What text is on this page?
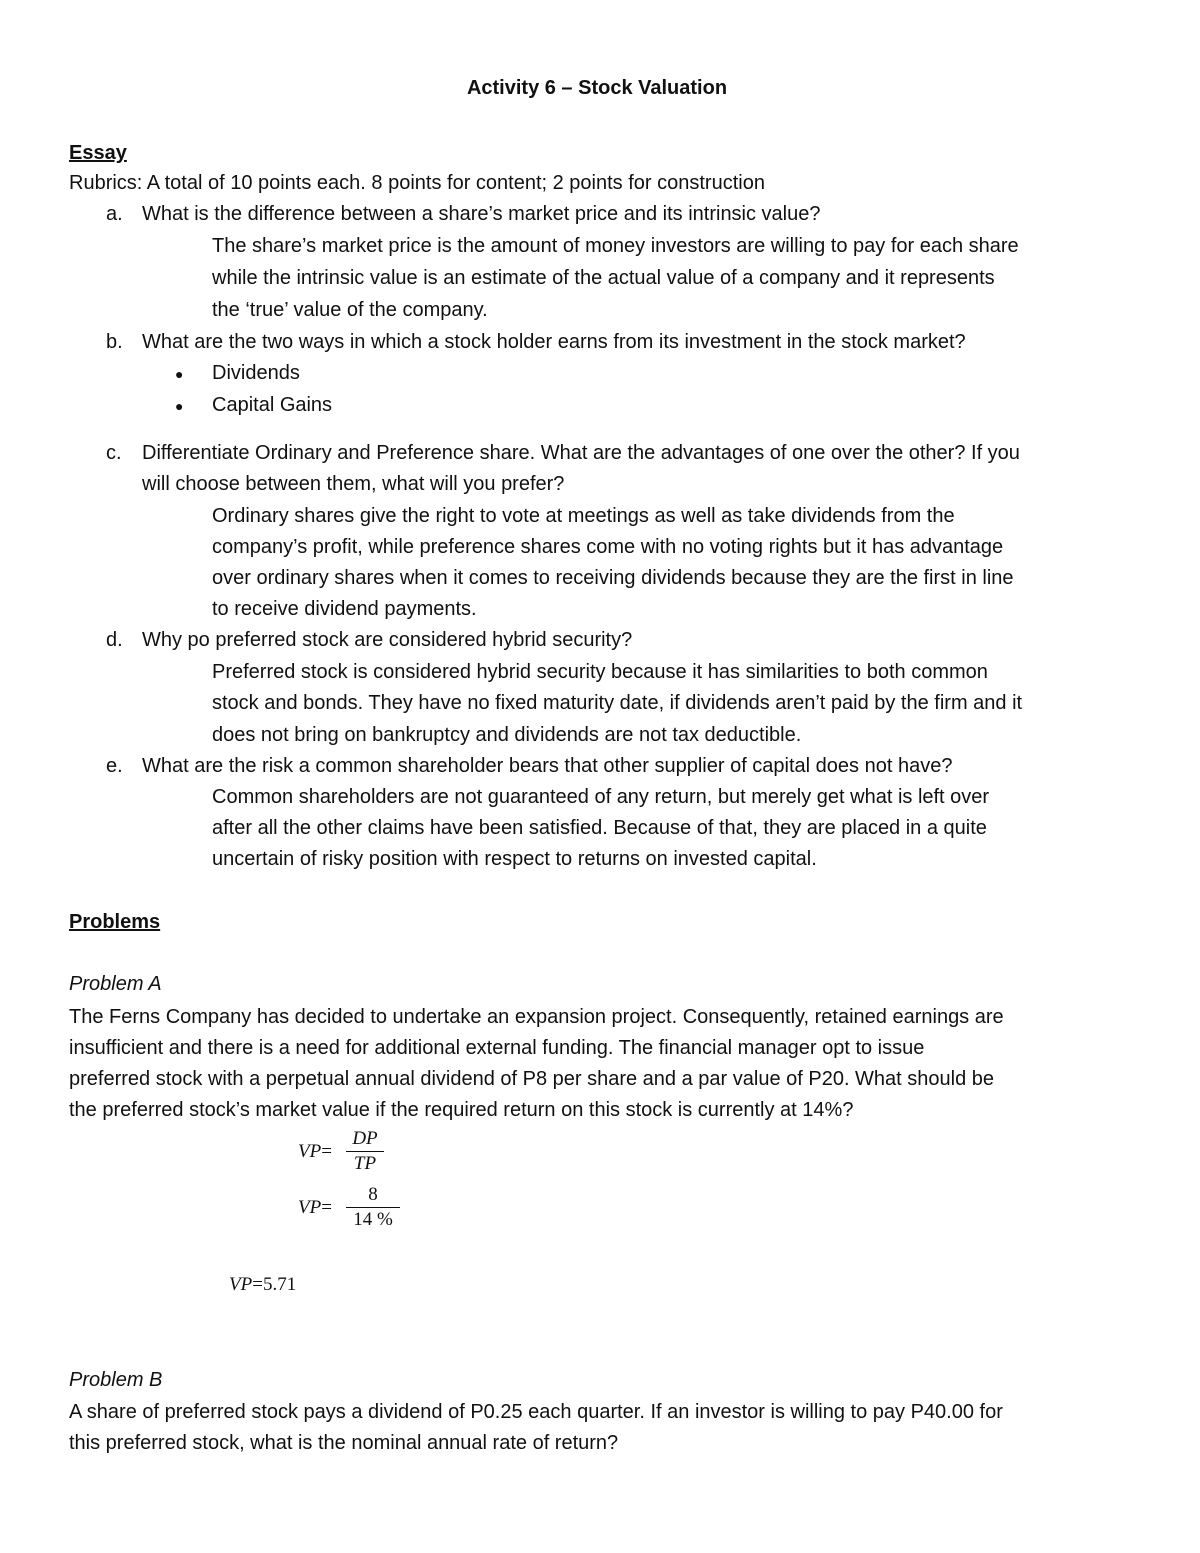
Activity 6 – Stock Valuation
Essay
Rubrics: A total of 10 points each. 8 points for content; 2 points for construction
a. What is the difference between a share’s market price and its intrinsic value?
The share’s market price is the amount of money investors are willing to pay for each share
while the intrinsic value is an estimate of the actual value of a company and it represents
the ‘true’ value of the company.
b. What are the two ways in which a stock holder earns from its investment in the stock market?
● Dividends
● Capital Gains
c.	Differentiate Ordinary and Preference share. What are the advantages of one over the other? If you
will choose between them, what will you prefer?
Ordinary shares give the right to vote at meetings as well as take dividends from the
company’s profit, while preference shares come with no voting rights but it has advantage
over ordinary shares when it comes to receiving dividends because they are the first in line
to receive dividend payments.
d. Why po preferred stock are considered hybrid security?
Preferred stock is considered hybrid security because it has similarities to both common
stock and bonds. They have no fixed maturity date, if dividends aren’t paid by the firm and it
does not bring on bankruptcy and dividends are not tax deductible.
e. What are the risk a common shareholder bears that other supplier of capital does not have?
Common shareholders are not guaranteed of any return, but merely get what is left over
after all the other claims have been satisfied. Because of that, they are placed in a quite
uncertain of risky position with respect to returns on invested capital.
Problems
Problem A
The Ferns Company has decided to undertake an expansion project. Consequently, retained earnings are
insufficient and there is a need for additional external funding. The financial manager opt to issue
preferred stock with a perpetual annual dividend of P8 per share and a par value of P20. What should be
the preferred stock’s market value if the required return on this stock is currently at 14%?
VP=
DP
TP
VP=
8
14 %
VP=5.71
Problem B
A share of preferred stock pays a dividend of P0.25 each quarter. If an investor is willing to pay P40.00 for
this preferred stock, what is the nominal annual rate of return?
